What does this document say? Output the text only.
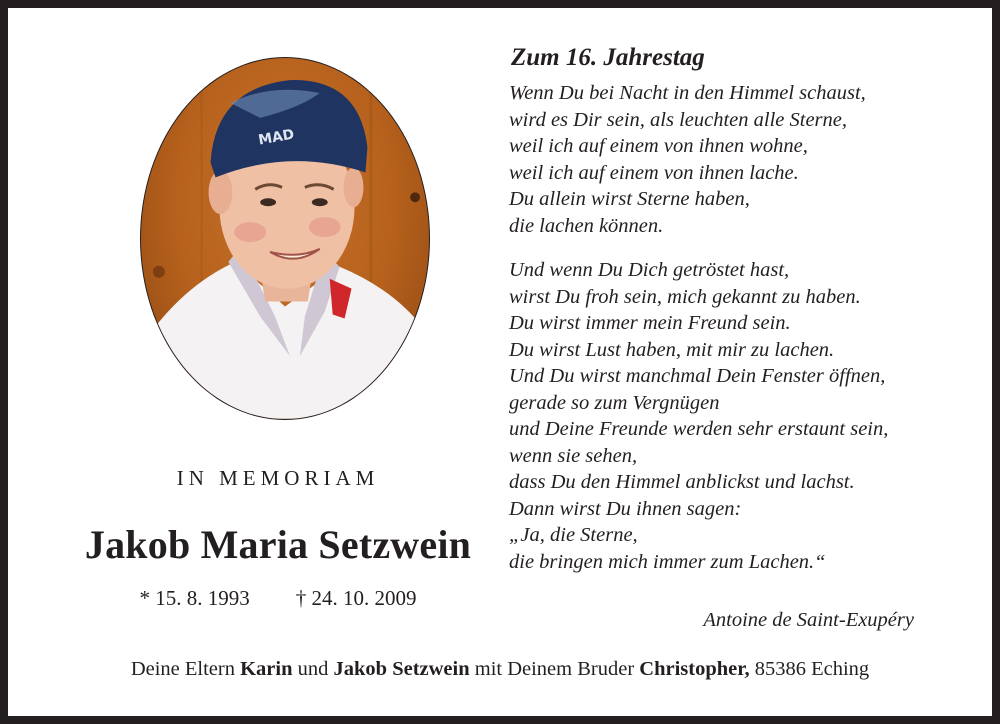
MAD
IN MEMORIAM
Jakob Maria Setzwein
* 15. 8. 1993 † 24. 10. 2009
Zum 16. Jahrestag
Wenn Du bei Nacht in den Himmel schaust,
wird es Dir sein, als leuchten alle Sterne,
weil ich auf einem von ihnen wohne,
weil ich auf einem von ihnen lache.
Du allein wirst Sterne haben,
die lachen können.
Und wenn Du Dich getröstet hast,
wirst Du froh sein, mich gekannt zu haben.
Du wirst immer mein Freund sein.
Du wirst Lust haben, mit mir zu lachen.
Und Du wirst manchmal Dein Fenster öffnen,
gerade so zum Vergnügen
und Deine Freunde werden sehr erstaunt sein,
wenn sie sehen,
dass Du den Himmel anblickst und lachst.
Dann wirst Du ihnen sagen:
„Ja, die Sterne,
die bringen mich immer zum Lachen.“
Antoine de Saint-Exupéry
Deine Eltern Karin und Jakob Setzwein mit Deinem Bruder Christopher, 85386 Eching
